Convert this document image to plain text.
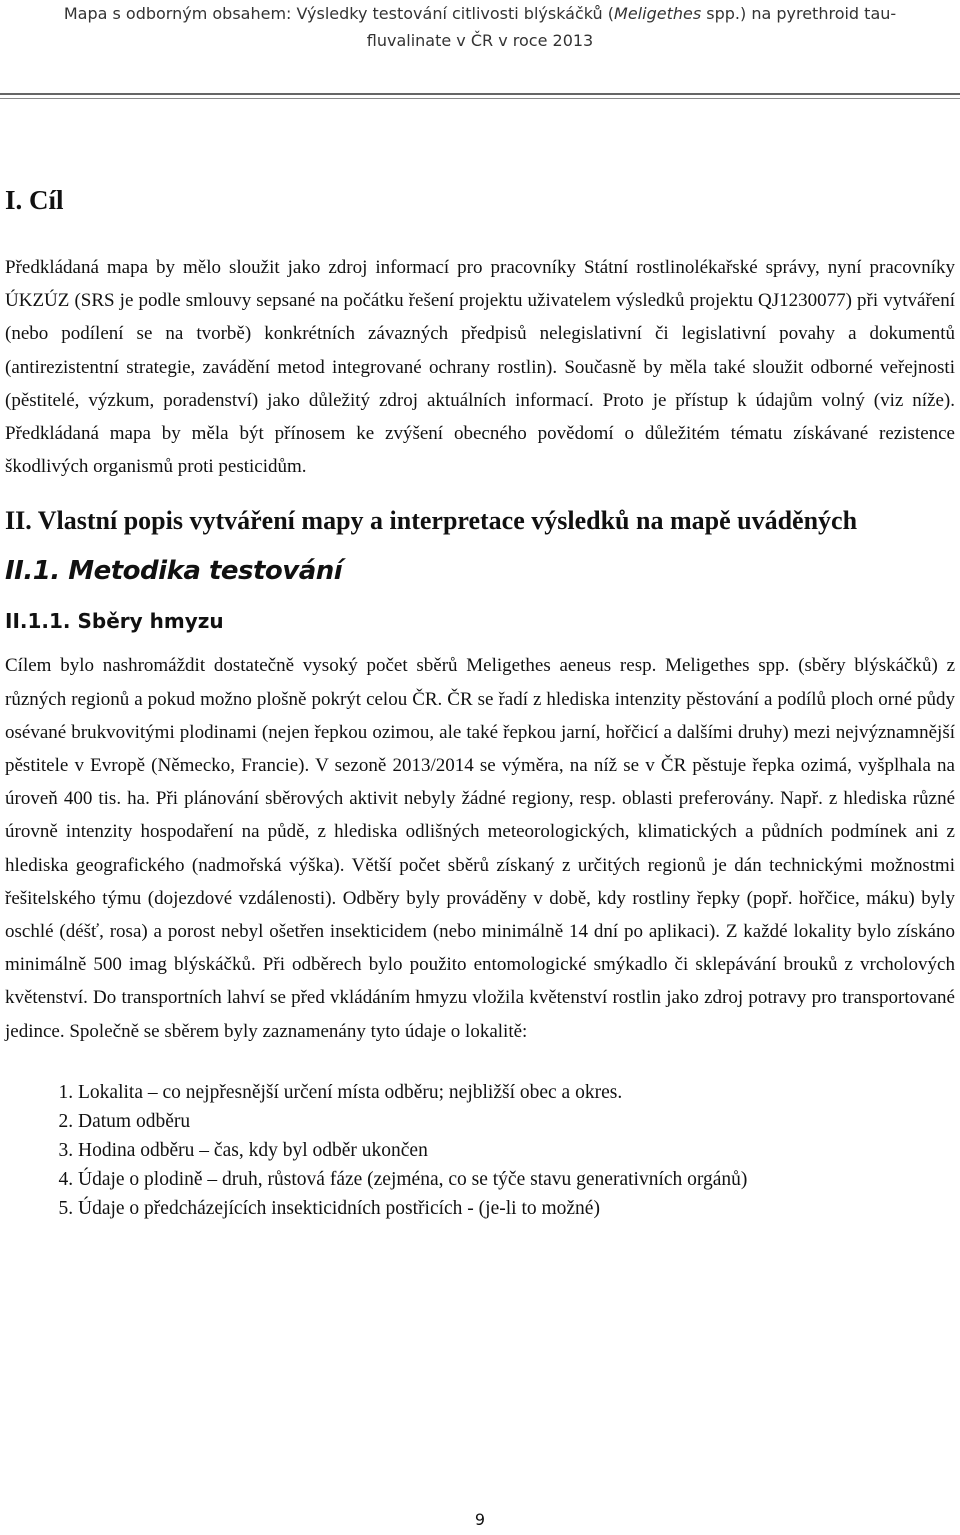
Mapa s odborným obsahem: Výsledky testování citlivosti blýskáčků (Meligethes spp.) na pyrethroid tau-
fluvalinate v ČR v roce 2013
I. Cíl

Předkládaná mapa by mělo sloužit jako zdroj informací pro pracovníky Státní rostlinolékařské správy, nyní pracovníky ÚKZÚZ (SRS je podle smlouvy sepsané na počátku řešení projektu uživatelem výsledků projektu QJ1230077) při vytváření (nebo podílení se na tvorbě) konkrétních závazných předpisů nelegislativní či legislativní povahy a dokumentů (antirezistentní strategie, zavádění metod integrované ochrany rostlin). Současně by měla také sloužit odborné veřejnosti (pěstitelé, výzkum, poradenství) jako důležitý zdroj aktuálních informací. Proto je přístup k údajům volný (viz níže). Předkládaná mapa by měla být přínosem ke zvýšení obecného povědomí o důležitém tématu získávané rezistence škodlivých organismů proti pesticidům.

II. Vlastní popis vytváření mapy a interpretace výsledků na mapě uváděných
II.1. Metodika testování
II.1.1. Sběry hmyzu

Cílem bylo nashromáždit dostatečně vysoký počet sběrů Meligethes aeneus resp. Meligethes spp. (sběry blýskáčků) z různých regionů a pokud možno plošně pokrýt celou ČR. ČR se řadí z hlediska intenzity pěstování a podílů ploch orné půdy osévané brukvovitými plodinami (nejen řepkou ozimou, ale také řepkou jarní, hořčicí a dalšími druhy) mezi nejvýznamnější pěstitele v Evropě (Německo, Francie). V sezoně 2013/2014 se výměra, na níž se v ČR pěstuje řepka ozimá, vyšplhala na úroveň 400 tis. ha. Při plánování sběrových aktivit nebyly žádné regiony, resp. oblasti preferovány. Např. z hlediska různé úrovně intenzity hospodaření na půdě, z hlediska odlišných meteorologických, klimatických a půdních podmínek ani z hlediska geografického (nadmořská výška). Větší počet sběrů získaný z určitých regionů je dán technickými možnostmi řešitelského týmu (dojezdové vzdálenosti). Odběry byly prováděny v době, kdy rostliny řepky (popř. hořčice, máku) byly oschlé (déšť, rosa) a porost nebyl ošetřen insekticidem (nebo minimálně 14 dní po aplikaci). Z každé lokality bylo získáno minimálně 500 imag blýskáčků. Při odběrech bylo použito entomologické smýkadlo či sklepávání brouků z vrcholových květenství. Do transportních lahví se před vkládáním hmyzu vložila květenství rostlin jako zdroj potravy pro transportované jedince. Společně se sběrem byly zaznamenány tyto údaje o lokalitě:

1. Lokalita – co nejpřesnější určení místa odběru; nejbližší obec a okres.
2. Datum odběru
3. Hodina odběru – čas, kdy byl odběr ukončen
4. Údaje o plodině – druh, růstová fáze (zejména, co se týče stavu generativních orgánů)
5. Údaje o předcházejících insekticidních postřicích - (je-li to možné)
9
